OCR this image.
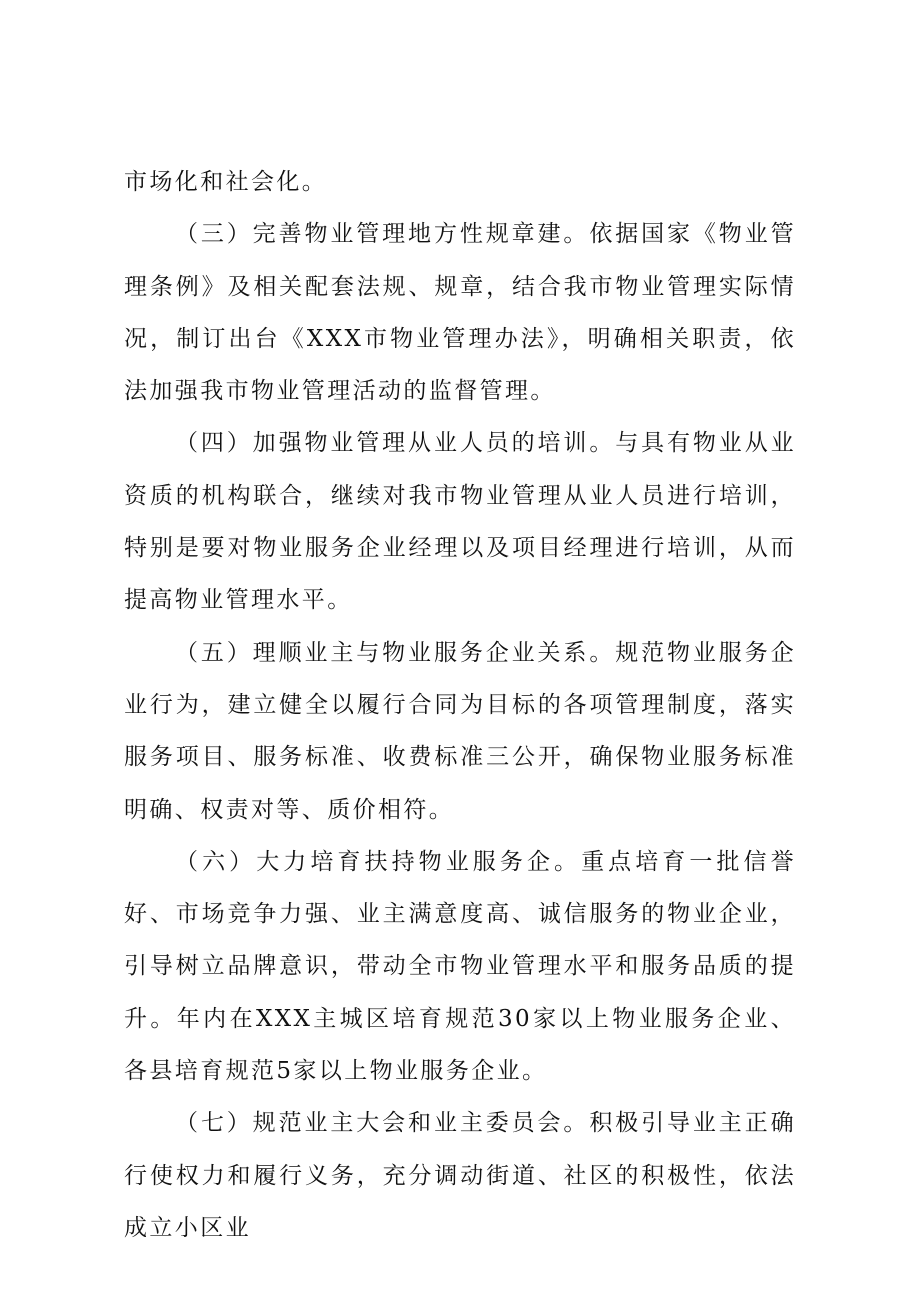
市场化和社会化。

（三）完善物业管理地方性规章建。依据国家《物业管理条例》及相关配套法规、规章，结合我市物业管理实际情况，制订出台《XXX市物业管理办法》，明确相关职责，依法加强我市物业管理活动的监督管理。

（四）加强物业管理从业人员的培训。与具有物业从业资质的机构联合，继续对我市物业管理从业人员进行培训，特别是要对物业服务企业经理以及项目经理进行培训，从而提高物业管理水平。

（五）理顺业主与物业服务企业关系。规范物业服务企业行为，建立健全以履行合同为目标的各项管理制度，落实服务项目、服务标准、收费标准三公开，确保物业服务标准明确、权责对等、质价相符。

（六）大力培育扶持物业服务企。重点培育一批信誉好、市场竞争力强、业主满意度高、诚信服务的物业企业，引导树立品牌意识，带动全市物业管理水平和服务品质的提升。年内在XXX主城区培育规范30家以上物业服务企业、各县培育规范5家以上物业服务企业。

（七）规范业主大会和业主委员会。积极引导业主正确行使权力和履行义务，充分调动街道、社区的积极性，依法成立小区业
